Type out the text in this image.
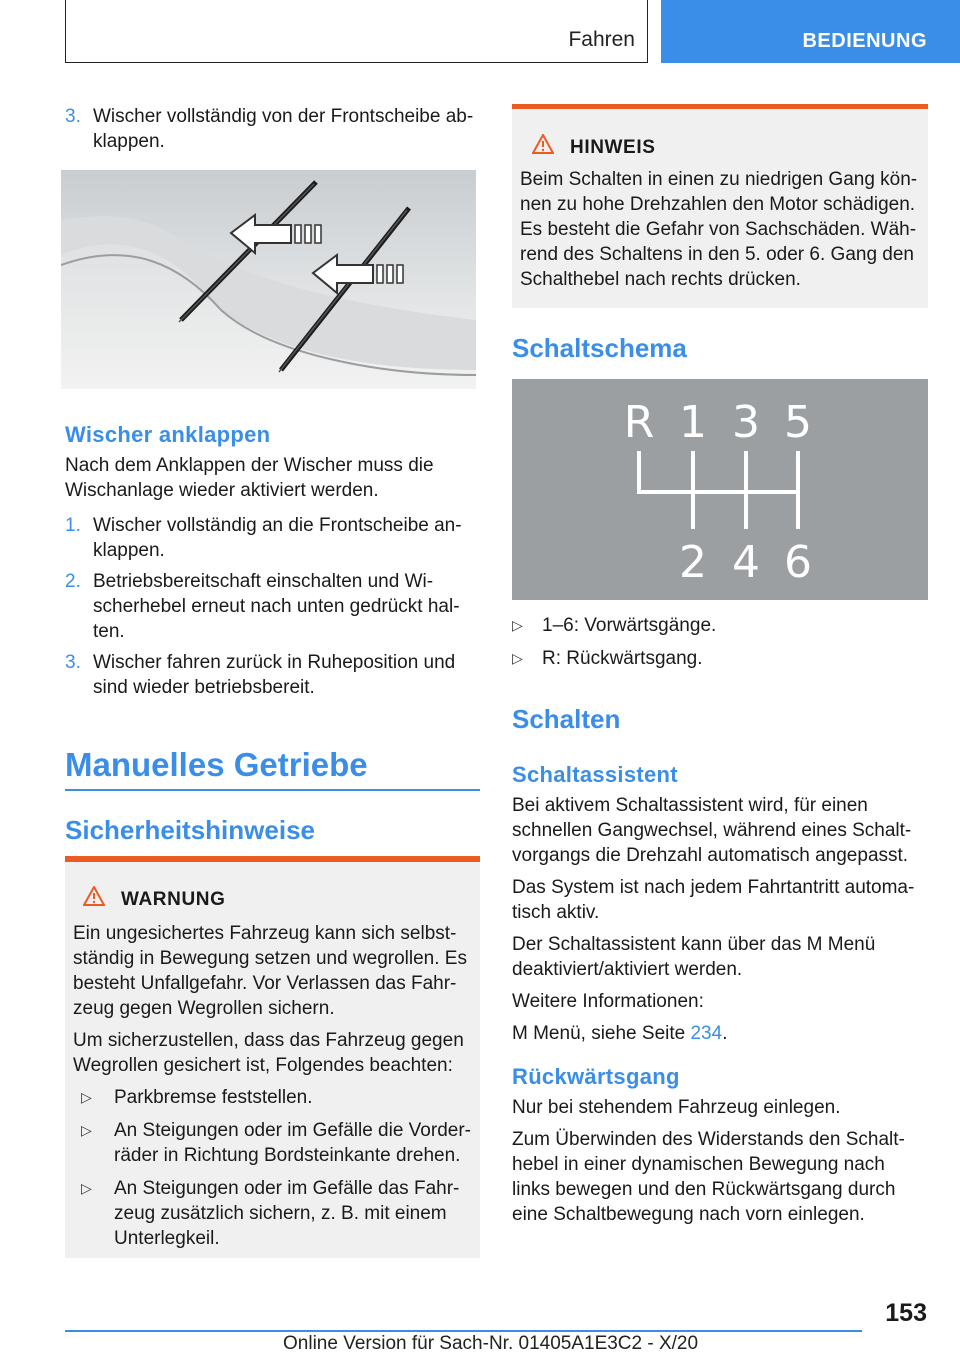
Fahren	BEDIENUNG
3. Wischer vollständig von der Frontscheibe ab-klappen.
Wischer anklappen

Nach dem Anklappen der Wischer muss die Wischanlage wieder aktiviert werden.

1. Wischer vollständig an die Frontscheibe an-klappen.
2. Betriebsbereitschaft einschalten und Wi-scherhebel erneut nach unten gedrückt hal-ten.
3. Wischer fahren zurück in Ruheposition und sind wieder betriebsbereit.
Manuelles Getriebe
Sicherheitshinweise
WARNUNG

Ein ungesichertes Fahrzeug kann sich selbst-ständig in Bewegung setzen und wegrollen. Es besteht Unfallgefahr. Vor Verlassen das Fahr-zeug gegen Wegrollen sichern.

Um sicherzustellen, dass das Fahrzeug gegen Wegrollen gesichert ist, Folgendes beachten:

▷	Parkbremse feststellen.
▷	An Steigungen oder im Gefälle die Vorder-räder in Richtung Bordsteinkante drehen.
▷	An Steigungen oder im Gefälle das Fahr-zeug zusätzlich sichern, z. B. mit einem Unterlegkeil.
HINWEIS

Beim Schalten in einen zu niedrigen Gang kön-nen zu hohe Drehzahlen den Motor schädigen. Es besteht die Gefahr von Sachschäden. Wäh-rend des Schaltens in den 5. oder 6. Gang den Schalthebel nach rechts drücken.

Schaltschema
R 1 3 5
2 4 6
▷	1–6: Vorwärtsgänge.
▷	R: Rückwärtsgang.
Schalten
Schaltassistent

Bei aktivem Schaltassistent wird, für einen schnellen Gangwechsel, während eines Schalt-vorgangs die Drehzahl automatisch angepasst.

Das System ist nach jedem Fahrtantritt automa-tisch aktiv.

Der Schaltassistent kann über das M Menü deaktiviert/aktiviert werden.

Weitere Informationen:

M Menü, siehe Seite 234.

Rückwärtsgang

Nur bei stehendem Fahrzeug einlegen.

Zum Überwinden des Widerstands den Schalt-hebel in einer dynamischen Bewegung nach links bewegen und den Rückwärtsgang durch eine Schaltbewegung nach vorn einlegen.

153
Online Version für Sach-Nr. 01405A1E3C2 - X/20
